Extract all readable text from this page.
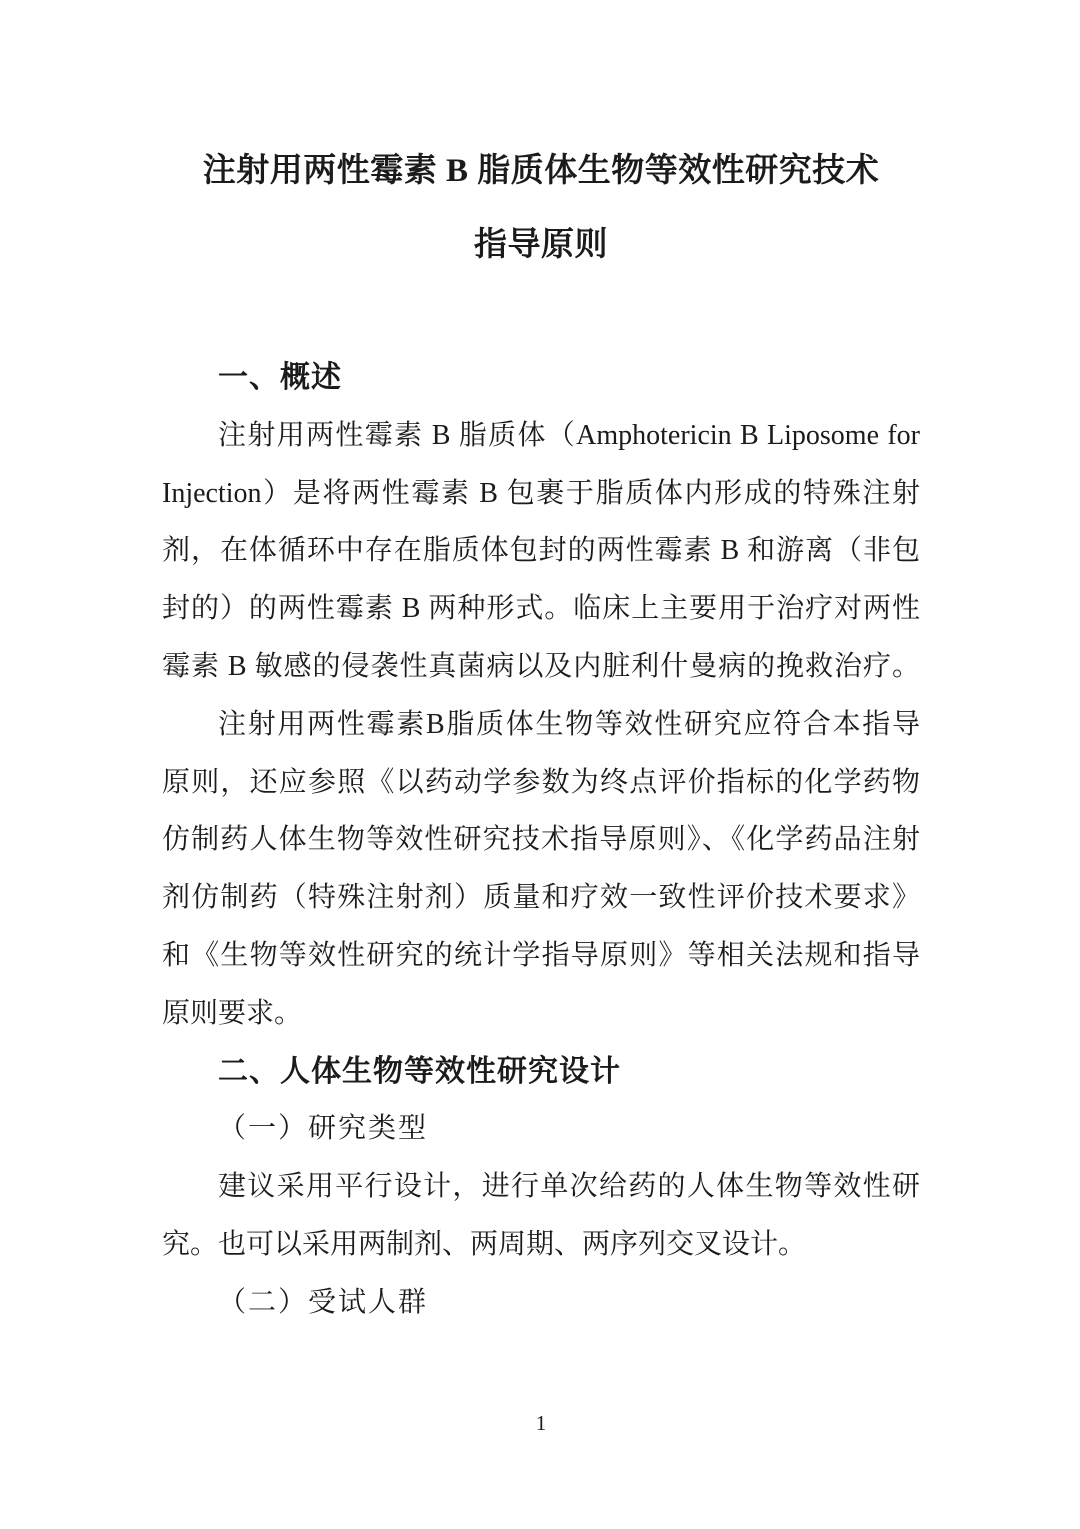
注射用两性霉素 B 脂质体生物等效性研究技术
指导原则
一、概述
注射用两性霉素 B 脂质体（Amphotericin B Liposome for
Injection）是将两性霉素 B 包裹于脂质体内形成的特殊注射
剂，在体循环中存在脂质体包封的两性霉素 B 和游离（非包
封的）的两性霉素 B 两种形式。临床上主要用于治疗对两性
霉素 B 敏感的侵袭性真菌病以及内脏利什曼病的挽救治疗。
注射用两性霉素B脂质体生物等效性研究应符合本指导
原则，还应参照《以药动学参数为终点评价指标的化学药物
仿制药人体生物等效性研究技术指导原则》、《化学药品注射
剂仿制药（特殊注射剂）质量和疗效一致性评价技术要求》
和《生物等效性研究的统计学指导原则》等相关法规和指导
原则要求。
二、人体生物等效性研究设计
（一）研究类型
建议采用平行设计，进行单次给药的人体生物等效性研
究。也可以采用两制剂、两周期、两序列交叉设计。
（二）受试人群
1
